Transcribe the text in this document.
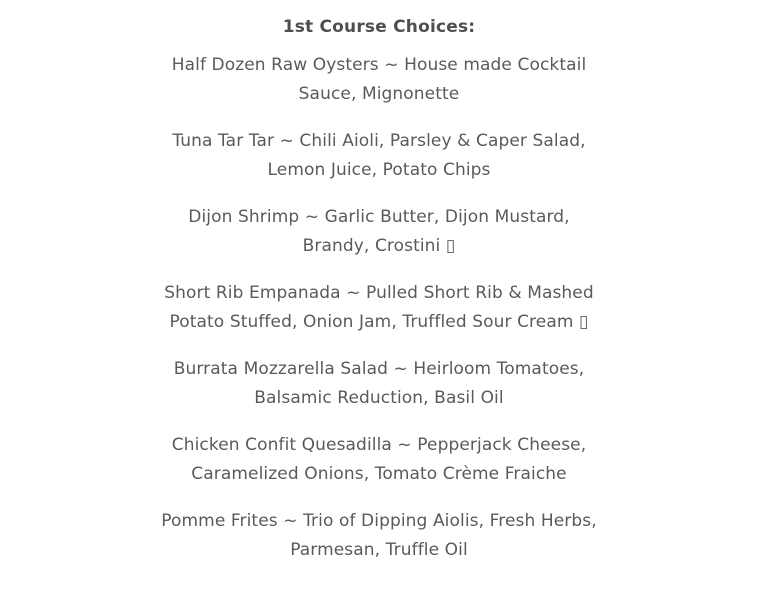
1st Course Choices:
Half Dozen Raw Oysters ~ House made Cocktail
Sauce, Mignonette
Tuna Tar Tar ~ Chili Aioli, Parsley & Caper Salad,
Lemon Juice, Potato Chips
Dijon Shrimp ~ Garlic Butter, Dijon Mustard,
Brandy, Crostini ▯
Short Rib Empanada ~ Pulled Short Rib & Mashed
Potato Stuffed, Onion Jam, Truffled Sour Cream ▯
Burrata Mozzarella Salad ~ Heirloom Tomatoes,
Balsamic Reduction, Basil Oil
Chicken Confit Quesadilla ~ Pepperjack Cheese,
Caramelized Onions, Tomato Crème Fraiche
Pomme Frites ~ Trio of Dipping Aiolis, Fresh Herbs,
Parmesan, Truffle Oil
